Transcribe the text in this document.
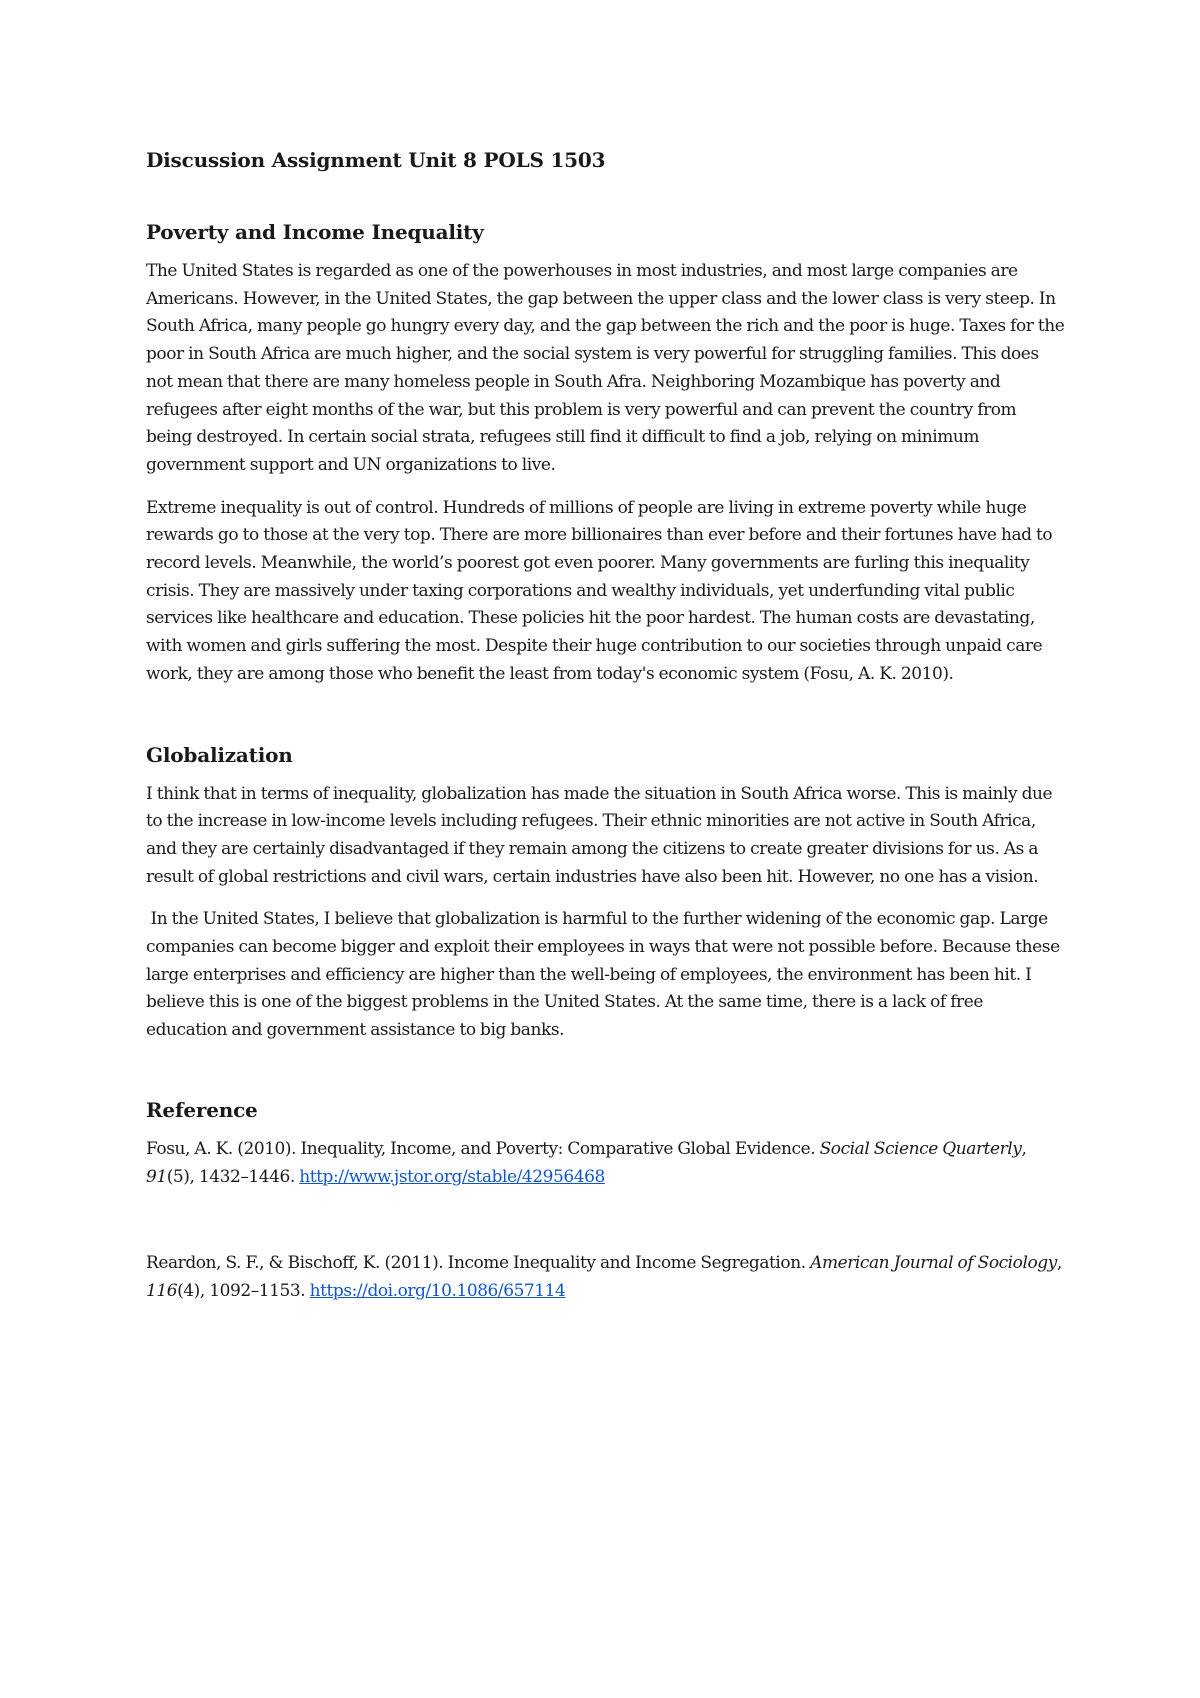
Discussion Assignment Unit 8 POLS 1503
Poverty and Income Inequality

The United States is regarded as one of the powerhouses in most industries, and most large companies are Americans. However, in the United States, the gap between the upper class and the lower class is very steep. In South Africa, many people go hungry every day, and the gap between the rich and the poor is huge. Taxes for the poor in South Africa are much higher, and the social system is very powerful for struggling families. This does not mean that there are many homeless people in South Afra. Neighboring Mozambique has poverty and refugees after eight months of the war, but this problem is very powerful and can prevent the country from being destroyed. In certain social strata, refugees still find it difficult to find a job, relying on minimum government support and UN organizations to live.

Extreme inequality is out of control. Hundreds of millions of people are living in extreme poverty while huge rewards go to those at the very top. There are more billionaires than ever before and their fortunes have had to record levels. Meanwhile, the world’s poorest got even poorer. Many governments are furling this inequality crisis. They are massively under taxing corporations and wealthy individuals, yet underfunding vital public services like healthcare and education. These policies hit the poor hardest. The human costs are devastating, with women and girls suffering the most. Despite their huge contribution to our societies through unpaid care work, they are among those who benefit the least from today's economic system (Fosu, A. K. 2010).

Globalization

I think that in terms of inequality, globalization has made the situation in South Africa worse. This is mainly due to the increase in low-income levels including refugees. Their ethnic minorities are not active in South Africa, and they are certainly disadvantaged if they remain among the citizens to create greater divisions for us. As a result of global restrictions and civil wars, certain industries have also been hit. However, no one has a vision.

In the United States, I believe that globalization is harmful to the further widening of the economic gap. Large companies can become bigger and exploit their employees in ways that were not possible before. Because these large enterprises and efficiency are higher than the well-being of employees, the environment has been hit. I believe this is one of the biggest problems in the United States. At the same time, there is a lack of free education and government assistance to big banks.

Reference

Fosu, A. K. (2010). Inequality, Income, and Poverty: Comparative Global Evidence. Social Science Quarterly, 91(5), 1432–1446. http://www.jstor.org/stable/42956468

Reardon, S. F., & Bischoff, K. (2011). Income Inequality and Income Segregation. American Journal of Sociology, 116(4), 1092–1153. https://doi.org/10.1086/657114
